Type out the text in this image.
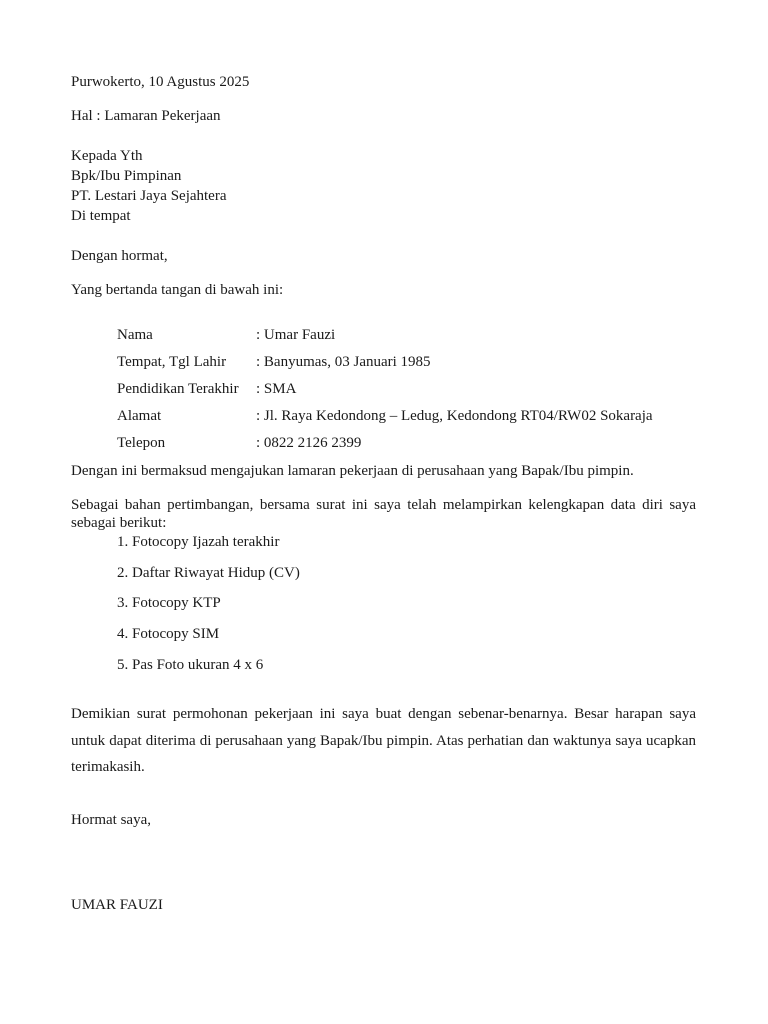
Purwokerto, 10 Agustus 2025
Hal : Lamaran Pekerjaan
Kepada Yth
Bpk/Ibu Pimpinan
PT. Lestari Jaya Sejahtera
Di tempat
Dengan hormat,
Yang bertanda tangan di bawah ini:
Nama	: Umar Fauzi
Tempat, Tgl Lahir : Banyumas, 03 Januari 1985
Pendidikan Terakhir : SMA
Alamat	: Jl. Raya Kedondong – Ledug, Kedondong RT04/RW02 Sokaraja
Telepon	: 0822 2126 2399
Dengan ini bermaksud mengajukan lamaran pekerjaan di perusahaan yang Bapak/Ibu pimpin.
Sebagai bahan pertimbangan, bersama surat ini saya telah melampirkan kelengkapan data diri saya sebagai berikut:
1. Fotocopy Ijazah terakhir
2. Daftar Riwayat Hidup (CV)
3. Fotocopy KTP
4. Fotocopy SIM
5. Pas Foto ukuran 4 x 6
Demikian surat permohonan pekerjaan ini saya buat dengan sebenar-benarnya. Besar harapan saya untuk dapat diterima di perusahaan yang Bapak/Ibu pimpin. Atas perhatian dan waktunya saya ucapkan terimakasih.
Hormat saya,
UMAR FAUZI
